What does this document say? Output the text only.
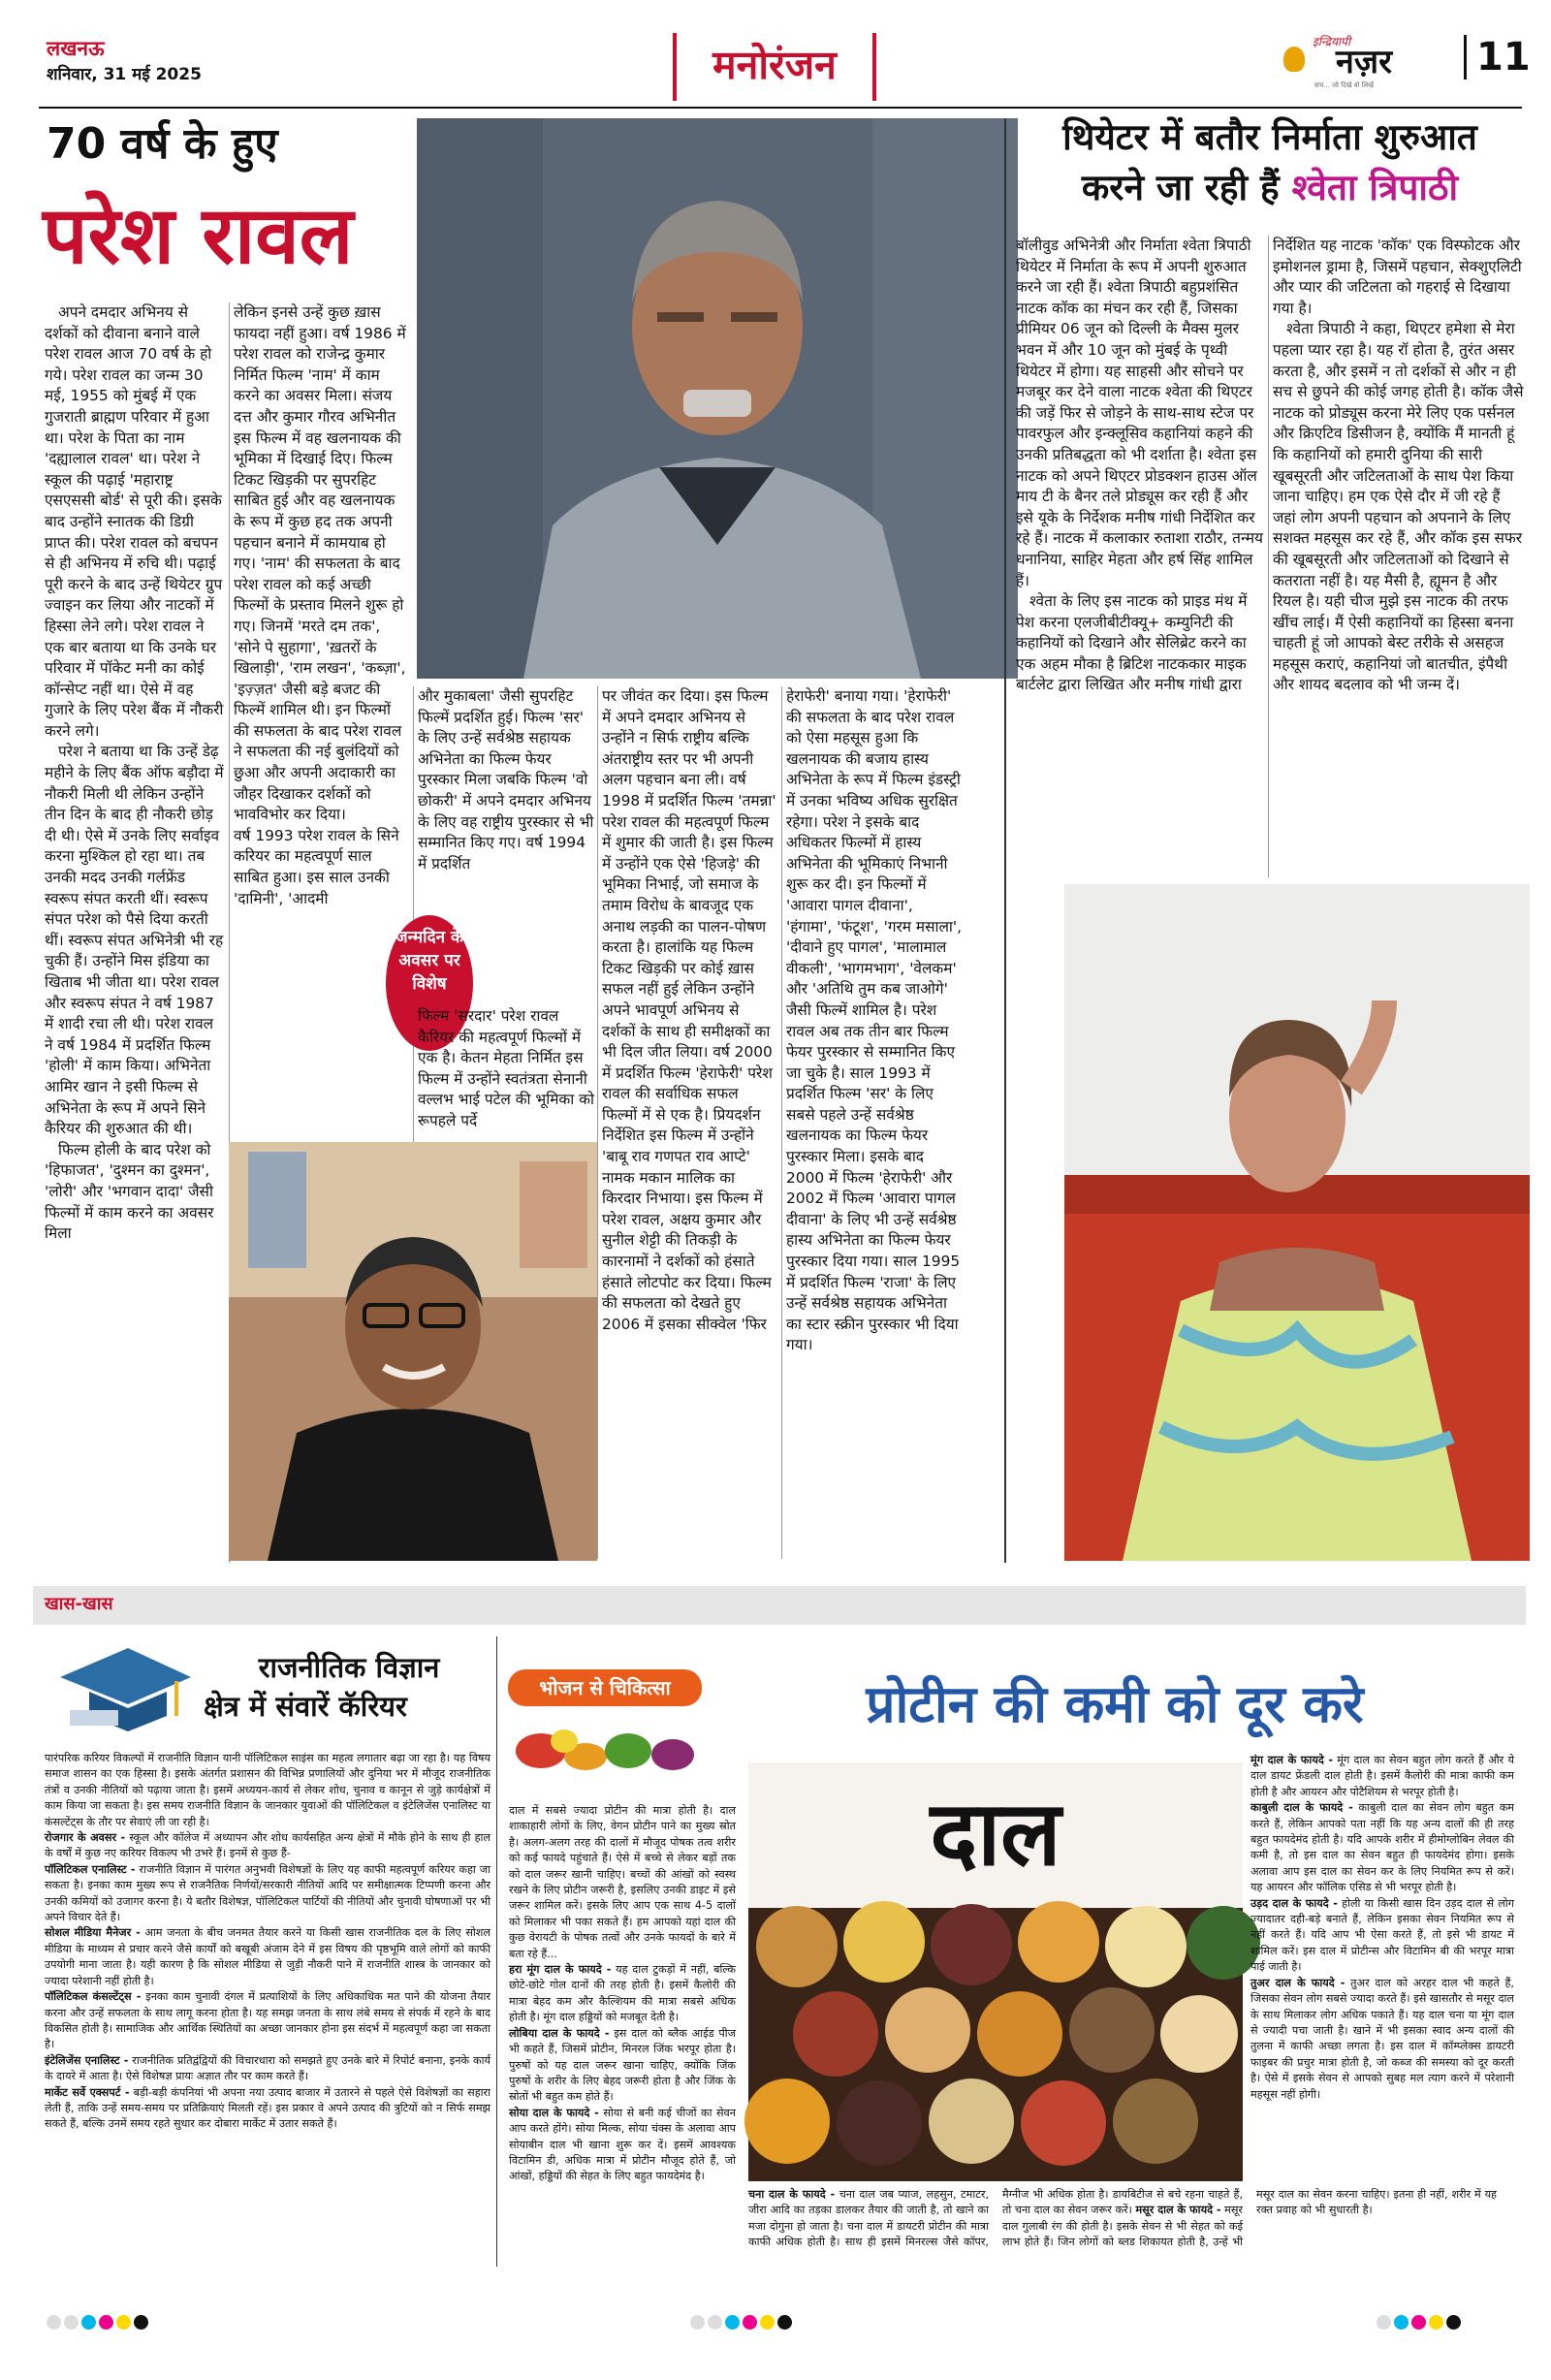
लखनऊ
शनिवार, 31 मई 2025	मनोरंजन	इन्द्रियापी
नज़र
सच... जो दिखे वो लिखें
11
70 वर्ष के हुए
परेश रावल

अपने दमदार अभिनय से दर्शकों को दीवाना बनाने वाले परेश रावल आज 70 वर्ष के हो गये। परेश रावल का जन्म 30 मई, 1955 को मुंबई में एक गुजराती ब्राह्मण परिवार में हुआ था। परेश के पिता का नाम 'दह्यालाल रावल' था। परेश ने स्कूल की पढ़ाई 'महाराष्ट्र एसएससी बोर्ड' से पूरी की। इसके बाद उन्होंने स्नातक की डिग्री प्राप्त की। परेश रावल को बचपन से ही अभिनय में रुचि थी। पढ़ाई पूरी करने के बाद उन्हें थियेटर ग्रुप ज्वाइन कर लिया और नाटकों में हिस्सा लेने लगे। परेश रावल ने एक बार बताया था कि उनके घर परिवार में पॉकेट मनी का कोई कॉन्सेप्ट नहीं था। ऐसे में वह गुजारे के लिए परेश बैंक में नौकरी करने लगे।

परेश ने बताया था कि उन्हें डेढ़ महीने के लिए बैंक ऑफ बड़ौदा में नौकरी मिली थी लेकिन उन्होंने तीन दिन के बाद ही नौकरी छोड़ दी थी। ऐसे में उनके लिए सर्वाइव करना मुश्किल हो रहा था। तब उनकी मदद उनकी गर्लफ्रेंड स्वरूप संपत करती थीं। स्वरूप संपत परेश को पैसे दिया करती थीं। स्वरूप संपत अभिनेत्री भी रह चुकी हैं। उन्होंने मिस इंडिया का खिताब भी जीता था। परेश रावल और स्वरूप संपत ने वर्ष 1987 में शादी रचा ली थी। परेश रावल ने वर्ष 1984 में प्रदर्शित फिल्म 'होली' में काम किया। अभिनेता आमिर खान ने इसी फिल्म से अभिनेता के रूप में अपने सिने कैरियर की शुरुआत की थी।

फिल्म होली के बाद परेश को 'हिफाजत', 'दुश्मन का दुश्मन', 'लोरी' और 'भगवान दादा' जैसी फिल्मों में काम करने का अवसर मिला

लेकिन इनसे उन्हें कुछ ख़ास फायदा नहीं हुआ। वर्ष 1986 में परेश रावल को राजेन्द्र कुमार निर्मित फिल्म 'नाम' में काम करने का अवसर मिला। संजय दत्त और कुमार गौरव अभिनीत इस फिल्म में वह खलनायक की भूमिका में दिखाई दिए। फिल्म टिकट खिड़की पर सुपरहिट साबित हुई और वह खलनायक के रूप में कुछ हद तक अपनी पहचान बनाने में कामयाब हो गए। 'नाम' की सफलता के बाद परेश रावल को कई अच्छी फिल्मों के प्रस्ताव मिलने शुरू हो गए। जिनमें 'मरते दम तक', 'सोने पे सुहागा', 'ख़तरों के खिलाड़ी', 'राम लखन', 'कब्ज़ा', 'इज़्ज़त' जैसी बड़े बजट की फिल्में शामिल थी। इन फिल्मों की सफलता के बाद परेश रावल ने सफलता की नई बुलंदियों को छुआ और अपनी अदाकारी का जौहर दिखाकर दर्शकों को भावविभोर कर दिया।

वर्ष 1993 परेश रावल के सिने करियर का महत्वपूर्ण साल साबित हुआ। इस साल उनकी 'दामिनी', 'आदमी

और मुकाबला' जैसी सुपरहिट फिल्में प्रदर्शित हुई। फिल्म 'सर' के लिए उन्हें सर्वश्रेष्ठ सहायक अभिनेता का फिल्म फेयर पुरस्कार मिला जबकि फिल्म 'वो छोकरी' में अपने दमदार अभिनय के लिए वह राष्ट्रीय पुरस्कार से भी सम्मानित किए गए। वर्ष 1994 में प्रदर्शित

जन्मदिन के अवसर पर विशेष

फिल्म 'सरदार' परेश रावल कैरियर की महत्वपूर्ण फिल्मों में एक है। केतन मेहता निर्मित इस फिल्म में उन्होंने स्वतंत्रता सेनानी वल्लभ भाई पटेल की भूमिका को रूपहले पर्दे

पर जीवंत कर दिया। इस फिल्म में अपने दमदार अभिनय से उन्होंने न सिर्फ राष्ट्रीय बल्कि अंतराष्ट्रीय स्तर पर भी अपनी अलग पहचान बना ली। वर्ष 1998 में प्रदर्शित फिल्म 'तमन्ना' परेश रावल की महत्वपूर्ण फिल्म में शुमार की जाती है। इस फिल्म में उन्होंने एक ऐसे 'हिजड़े' की भूमिका निभाई, जो समाज के तमाम विरोध के बावजूद एक अनाथ लड़की का पालन-पोषण करता है। हालांकि यह फिल्म टिकट खिड़की पर कोई ख़ास सफल नहीं हुई लेकिन उन्होंने अपने भावपूर्ण अभिनय से दर्शकों के साथ ही समीक्षकों का भी दिल जीत लिया। वर्ष 2000 में प्रदर्शित फिल्म 'हेराफेरी' परेश रावल की सर्वाधिक सफल फिल्मों में से एक है। प्रियदर्शन निर्देशित इस फिल्म में उन्होंने 'बाबू राव गणपत राव आप्टे' नामक मकान मालिक का किरदार निभाया। इस फिल्म में परेश रावल, अक्षय कुमार और सुनील शेट्टी की तिकड़ी के कारनामों ने दर्शकों को हंसाते हंसाते लोटपोट कर दिया। फिल्म की सफलता को देखते हुए 2006 में इसका सीक्वेल 'फिर

हेराफेरी' बनाया गया। 'हेराफेरी' की सफलता के बाद परेश रावल को ऐसा महसूस हुआ कि खलनायक की बजाय हास्य अभिनेता के रूप में फिल्म इंडस्ट्री में उनका भविष्य अधिक सुरक्षित रहेगा। परेश ने इसके बाद अधिकतर फिल्मों में हास्य अभिनेता की भूमिकाएं निभानी शुरू कर दी। इन फिल्मों में 'आवारा पागल दीवाना', 'हंगामा', 'फंटूश', 'गरम मसाला', 'दीवाने हुए पागल', 'मालामाल वीकली', 'भागमभाग', 'वेलकम' और 'अतिथि तुम कब जाओगे' जैसी फिल्में शामिल है। परेश रावल अब तक तीन बार फिल्म फेयर पुरस्कार से सम्मानित किए जा चुके है। साल 1993 में प्रदर्शित फिल्म 'सर' के लिए सबसे पहले उन्हें सर्वश्रेष्ठ खलनायक का फिल्म फेयर पुरस्कार मिला। इसके बाद 2000 में फिल्म 'हेराफेरी' और 2002 में फिल्म 'आवारा पागल दीवाना' के लिए भी उन्हें सर्वश्रेष्ठ हास्य अभिनेता का फिल्म फेयर पुरस्कार दिया गया। साल 1995 में प्रदर्शित फिल्म 'राजा' के लिए उन्हें सर्वश्रेष्ठ सहायक अभिनेता का स्टार स्क्रीन पुरस्कार भी दिया गया।

थियेटर में बतौर निर्माता शुरुआत
करने जा रही हैं श्वेता त्रिपाठी

बॉलीवुड अभिनेत्री और निर्माता श्वेता त्रिपाठी थियेटर में निर्माता के रूप में अपनी शुरुआत करने जा रही हैं। श्वेता त्रिपाठी बहुप्रशंसित नाटक कॉक का मंचन कर रही हैं, जिसका प्रीमियर 06 जून को दिल्ली के मैक्स मुलर भवन में और 10 जून को मुंबई के पृथ्वी थियेटर में होगा। यह साहसी और सोचने पर मजबूर कर देने वाला नाटक श्वेता की थिएटर की जड़ें फिर से जोड़ने के साथ-साथ स्टेज पर पावरफुल और इन्क्लूसिव कहानियां कहने की उनकी प्रतिबद्धता को भी दर्शाता है। श्वेता इस नाटक को अपने थिएटर प्रोडक्शन हाउस ऑल माय टी के बैनर तले प्रोड्यूस कर रही हैं और इसे यूके के निर्देशक मनीष गांधी निर्देशित कर रहे हैं। नाटक में कलाकार रुताशा राठौर, तन्मय धनानिया, साहिर मेहता और हर्ष सिंह शामिल हैं।

श्वेता के लिए इस नाटक को प्राइड मंथ में पेश करना एलजीबीटीक्यू+ कम्युनिटी की कहानियों को दिखाने और सेलिब्रेट करने का एक अहम मौका है ब्रिटिश नाटककार माइक बार्टलेट द्वारा लिखित और मनीष गांधी द्वारा

निर्देशित यह नाटक 'कॉक' एक विस्फोटक और इमोशनल ड्रामा है, जिसमें पहचान, सेक्शुएलिटी और प्यार की जटिलता को गहराई से दिखाया गया है।

श्वेता त्रिपाठी ने कहा, थिएटर हमेशा से मेरा पहला प्यार रहा है। यह रॉ होता है, तुरंत असर करता है, और इसमें न तो दर्शकों से और न ही सच से छुपने की कोई जगह होती है। कॉक जैसे नाटक को प्रोड्यूस करना मेरे लिए एक पर्सनल और क्रिएटिव डिसीजन है, क्योंकि मैं मानती हूं कि कहानियों को हमारी दुनिया की सारी खूबसूरती और जटिलताओं के साथ पेश किया जाना चाहिए। हम एक ऐसे दौर में जी रहे हैं जहां लोग अपनी पहचान को अपनाने के लिए सशक्त महसूस कर रहे हैं, और कॉक इस सफर की खूबसूरती और जटिलताओं को दिखाने से कतराता नहीं है। यह मैसी है, ह्यूमन है और रियल है। यही चीज मुझे इस नाटक की तरफ खींच लाई। मैं ऐसी कहानियों का हिस्सा बनना चाहती हूं जो आपको बेस्ट तरीके से असहज महसूस कराएं, कहानियां जो बातचीत, इंपैथी और शायद बदलाव को भी जन्म दें।

खास-खास
राजनीतिक विज्ञान
क्षेत्र में संवारें कॅरियर
पारंपरिक करियर विकल्पों में राजनीति विज्ञान यानी पॉलिटिकल साइंस का महत्व लगातार बढ़ा जा रहा है। यह विषय समाज शासन का एक हिस्सा है। इसके अंतर्गत प्रशासन की विभिन्न प्रणालियों और दुनिया भर में मौजूद राजनीतिक तंत्रों व उनकी नीतियों को पढ़ाया जाता है। इसमें अध्ययन-कार्य से लेकर शोध, चुनाव व कानून से जुड़े कार्यक्षेत्रों में काम किया जा सकता है। इस समय राजनीति विज्ञान के जानकार युवाओं की पॉलिटिकल व इंटेलिजेंस एनालिस्ट या कंसल्टेंट्स के तौर पर सेवाएं ली जा रही है।
रोजगार के अवसर - स्कूल और कॉलेज में अध्यापन और शोध कार्यसहित अन्य क्षेत्रों में मौके होने के साथ ही हाल के वर्षों में कुछ नए करियर विकल्प भी उभरे हैं। इनमें से कुछ हैं-
पॉलिटिकल एनालिस्ट - राजनीति विज्ञान में पारंगत अनुभवी विशेषज्ञों के लिए यह काफी महत्वपूर्ण करियर कहा जा सकता है। इनका काम मुख्य रूप से राजनैतिक निर्णयों/सरकारी नीतियों आदि पर समीक्षात्मक टिप्पणी करना और उनकी कमियों को उजागर करना है। ये बतौर विशेषज्ञ, पॉलिटिकल पार्टियों की नीतियों और चुनावी घोषणाओं पर भी अपने विचार देते हैं।
सोशल मीडिया मैनेजर - आम जनता के बीच जनमत तैयार करने या किसी खास राजनीतिक दल के लिए सोशल मीडिया के माध्यम से प्रचार करने जैसे कार्यों को बखूबी अंजाम देने में इस विषय की पृष्ठभूमि वाले लोगों को काफी उपयोगी माना जाता है। यही कारण है कि सोशल मीडिया से जुड़ी नौकरी पाने में राजनीति शास्त्र के जानकार को ज्यादा परेशानी नहीं होती है।
पॉलिटिकल कंसल्टेंट्स - इनका काम चुनावी दंगल में प्रत्याशियों के लिए अधिकाधिक मत पाने की योजना तैयार करना और उन्हें सफलता के साथ लागू करना होता है। यह समझ जनता के साथ लंबे समय से संपर्क में रहने के बाद विकसित होती है। सामाजिक और आर्थिक स्थितियों का अच्छा जानकार होना इस संदर्भ में महत्वपूर्ण कहा जा सकता है।
इंटेलिजेंस एनालिस्ट - राजनीतिक प्रतिद्वंद्वियों की विचारधारा को समझते हुए उनके बारे में रिपोर्ट बनाना, इनके कार्य के दायरे में आता है। ऐसे विशेषज्ञ प्रायः अज्ञात तौर पर काम करते हैं।
मार्केट सर्वे एक्सपर्ट - बड़ी-बड़ी कंपनियां भी अपना नया उत्पाद बाजार में उतारने से पहले ऐसे विशेषज्ञों का सहारा लेती हैं, ताकि उन्हें समय-समय पर प्रतिक्रियाएं मिलती रहें। इस प्रकार वे अपने उत्पाद की त्रुटियों को न सिर्फ समझ सकते हैं, बल्कि उनमें समय रहते सुधार कर दोबारा मार्केट में उतार सकते हैं।
भोजन से चिकित्सा	प्रोटीन की कमी को दूर करे
दाल में सबसे ज्यादा प्रोटीन की मात्रा होती है। दाल शाकाहारी लोगों के लिए, वेगन प्रोटीन पाने का मुख्य स्रोत है। अलग-अलग तरह की दालों में मौजूद पोषक तत्व शरीर को कई फायदे पहुंचाते हैं। ऐसे में बच्चे से लेकर बड़ों तक को दाल जरूर खानी चाहिए। बच्चों की आंखों को स्वस्थ रखने के लिए प्रोटीन जरूरी है, इसलिए उनकी डाइट में इसे जरूर शामिल करें। इसके लिए आप एक साथ 4-5 दालों को मिलाकर भी पका सकते हैं। हम आपको यहां दाल की कुछ वेरायटी के पोषक तत्वों और उनके फायदों के बारे में बता रहे हैं...
हरा मूंग दाल के फायदे - यह दाल टुकड़ों में नहीं, बल्कि छोटे-छोटे गोल दानों की तरह होती है। इसमें कैलोरी की मात्रा बेहद कम और कैल्शियम की मात्रा सबसे अधिक होती है। मूंग दाल हड्डियों को मजबूत देती है।
लोबिया दाल के फायदे - इस दाल को ब्लैक आईड पीज भी कहते हैं, जिसमें प्रोटीन, मिनरल जिंक भरपूर होता है। पुरुषों को यह दाल जरूर खाना चाहिए, क्योंकि जिंक पुरुषों के शरीर के लिए बेहद जरूरी होता है और जिंक के स्रोतों भी बहुत कम होते हैं।
सोया दाल के फायदे - सोया से बनी कई चीजों का सेवन आप करते होंगे। सोया मिल्क, सोया चंक्स के अलावा आप सोयाबीन दाल भी खाना शुरू कर दें। इसमें आवश्यक विटामिन डी, अधिक मात्रा में प्रोटीन मौजूद होते हैं, जो आंखों, हड्डियों की सेहत के लिए बहुत फायदेमंद है।
दाल
चना दाल के फायदे - चना दाल जब प्याज, लहसुन, टमाटर, जीरा आदि का तड़का डालकर तैयार की जाती है, तो खाने का मजा दोगुना हो जाता है। चना दाल में डायटरी प्रोटीन की मात्रा काफी अधिक होती है। साथ ही इसमें मिनरल्स जैसे कॉपर, मैग्नीज भी अधिक होता है। डायबिटीज से बचे रहना चाहते हैं, तो चना दाल का सेवन जरूर करें। मसूर दाल के फायदे - मसूर दाल गुलाबी रंग की होती है। इसके सेवन से भी सेहत को कई लाभ होते हैं। जिन लोगों को ब्लड शिकायत होती है, उन्हें भी मसूर दाल का सेवन करना चाहिए। इतना ही नहीं, शरीर में यह रक्त प्रवाह को भी सुधारती है।
मूंग दाल के फायदे - मूंग दाल का सेवन बहुत लोग करते हैं और ये दाल डायट फ्रेंडली दाल होती है। इसमें कैलोरी की मात्रा काफी कम होती है और आयरन और पोटैशियम से भरपूर होती है।
काबुली दाल के फायदे - काबुली दाल का सेवन लोग बहुत कम करते हैं, लेकिन आपको पता नहीं कि यह अन्य दालों की ही तरह बहुत फायदेमंद होती है। यदि आपके शरीर में हीमोग्लोबिन लेवल की कमी है, तो इस दाल का सेवन बहुत ही फायदेमंद होगा। इसके अलावा आप इस दाल का सेवन कर के लिए नियमित रूप से करें। यह आयरन और फॉलिक एसिड से भी भरपूर होती है।
उड़द दाल के फायदे - होली या किसी खास दिन उड़द दाल से लोग ज्यादातर दही-बड़े बनाते हैं, लेकिन इसका सेवन नियमित रूप से नहीं करते हैं। यदि आप भी ऐसा करते हैं, तो इसे भी डायट में शामिल करें। इस दाल में प्रोटीन्स और विटामिन बी की भरपूर मात्रा पाई जाती है।
तुअर दाल के फायदे - तुअर दाल को अरहर दाल भी कहते हैं, जिसका सेवन लोग सबसे ज्यादा करते हैं। इसे खासतौर से मसूर दाल के साथ मिलाकर लोग अधिक पकाते हैं। यह दाल चना या मूंग दाल से ज्यादी पचा जाती है। खाने में भी इसका स्वाद अन्य दालों की तुलना में काफी अच्छा लगता है। इस दाल में कॉम्प्लेक्स डायटरी फाइबर की प्रचुर मात्रा होती है, जो कब्ज की समस्या को दूर करती है। ऐसे में इसके सेवन से आपको सुबह मल त्याग करने में परेशानी महसूस नहीं होगी।
